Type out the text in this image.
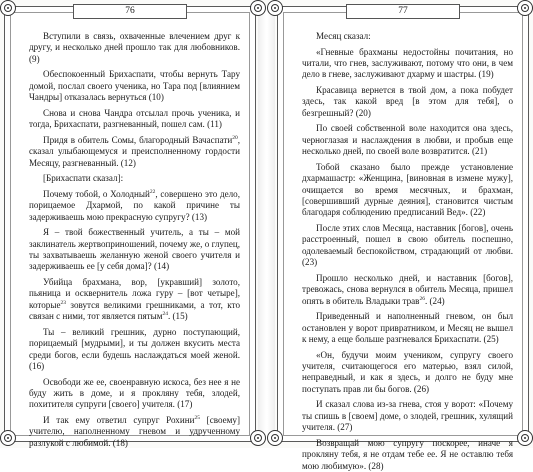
76

Вступили в связь, охваченные влечением друг к другу, и несколько дней прошло так для любовников. (9)

Обеспокоенный Брихаспати, чтобы вернуть Тару домой, послал своего ученика, но Тара под [влиянием Чандры] отказалась вернуться (10)

Снова и снова Чандра отсылал прочь ученика, и тогда, Брихаспати, разгневанный, пошел сам. (11)

Придя в обитель Сомы, благородный Вачаспати$^{20}$, сказал улыбающемуся и преисполненному гордости Месяцу, разгневанный. (12)

[Брихаспати сказал]:

Почему тобой, о Холодный$^{22}$, совершено это дело, порицаемое Дхармой, по какой причине ты задерживаешь мою прекрасную супругу? (13)

Я – твой божественный учитель, а ты – мой заклинатель жертвоприношений, почему же, о глупец, ты захватываешь желанную женой своего учителя и задерживаешь ее [у себя дома]? (14)

Убийца брахмана, вор, [укравший] золото, пьяница и осквернитель ложа гуру – [вот четыре], которые$^{23}$ зовутся великими грешниками, а тот, кто связан с ними, тот является пятым$^{24}$. (15)

Ты – великий грешник, дурно поступающий, порицаемый [мудрыми], и ты должен вкусить места среди богов, если будешь наслаждаться моей женой. (16)

Освободи же ее, своенравную искоса, без нее я не буду жить в доме, и я прокляну тебя, злодей, похитителя супруги [своего] учителя. (17)

И так ему ответил супруг Рохини$^{25}$ [своему] учителю, наполненному гневом и удрученному разлукой с любимой. (18)

77

Месяц сказал:

«Гневные брахманы недостойны почитания, но читали, что гнев, заслуживают, потому что они, в чем дело в гневе, заслуживают дхарму и шастры. (19)

Красавица вернется в твой дом, а пока побудет здесь, так какой вред [в этом для тебя], о безгрешный? (20)

По своей собственной воле находится она здесь, черноглазая и наслаждения в любви, и пробыв еще несколько дней, по своей воле возвратится. (21)

Тобой сказано было прежде установление дхармашастр: «Женщина, [виновная в измене мужу], очищается во время месячных, и брахман, [совершивший дурные деяния], становится чистым благодаря соблюдению предписаний Вед». (22)

После этих слов Месяца, наставник [богов], очень расстроенный, пошел в свою обитель поспешно, одолеваемый беспокойством, страдающий от любви. (23)

Прошло несколько дней, и наставник [богов], тревожась, снова вернулся в обитель Месяца, пришел опять в обитель Владыки трав$^{26}$. (24)

Приведенный и наполненный гневом, он был остановлен у ворот привратником, и Месяц не вышел к нему, а еще больше разгневался Брихаспати. (25)

«Он, будучи моим учеником, супругу своего учителя, считающегося его матерью, взял силой, неправедный, и как я здесь, и долго не буду мне поступать прав ли бы богов. (26)

И сказал слова из-за гнева, стоя у ворот: «Почему ты спишь в [своем] доме, о злодей, грешник, хулящий учителя. (27)

Возвращай мою супругу поскорее, иначе я прокляну тебя, я не отдам тебе ее. Я не оставлю тебя мою любимую». (28)
